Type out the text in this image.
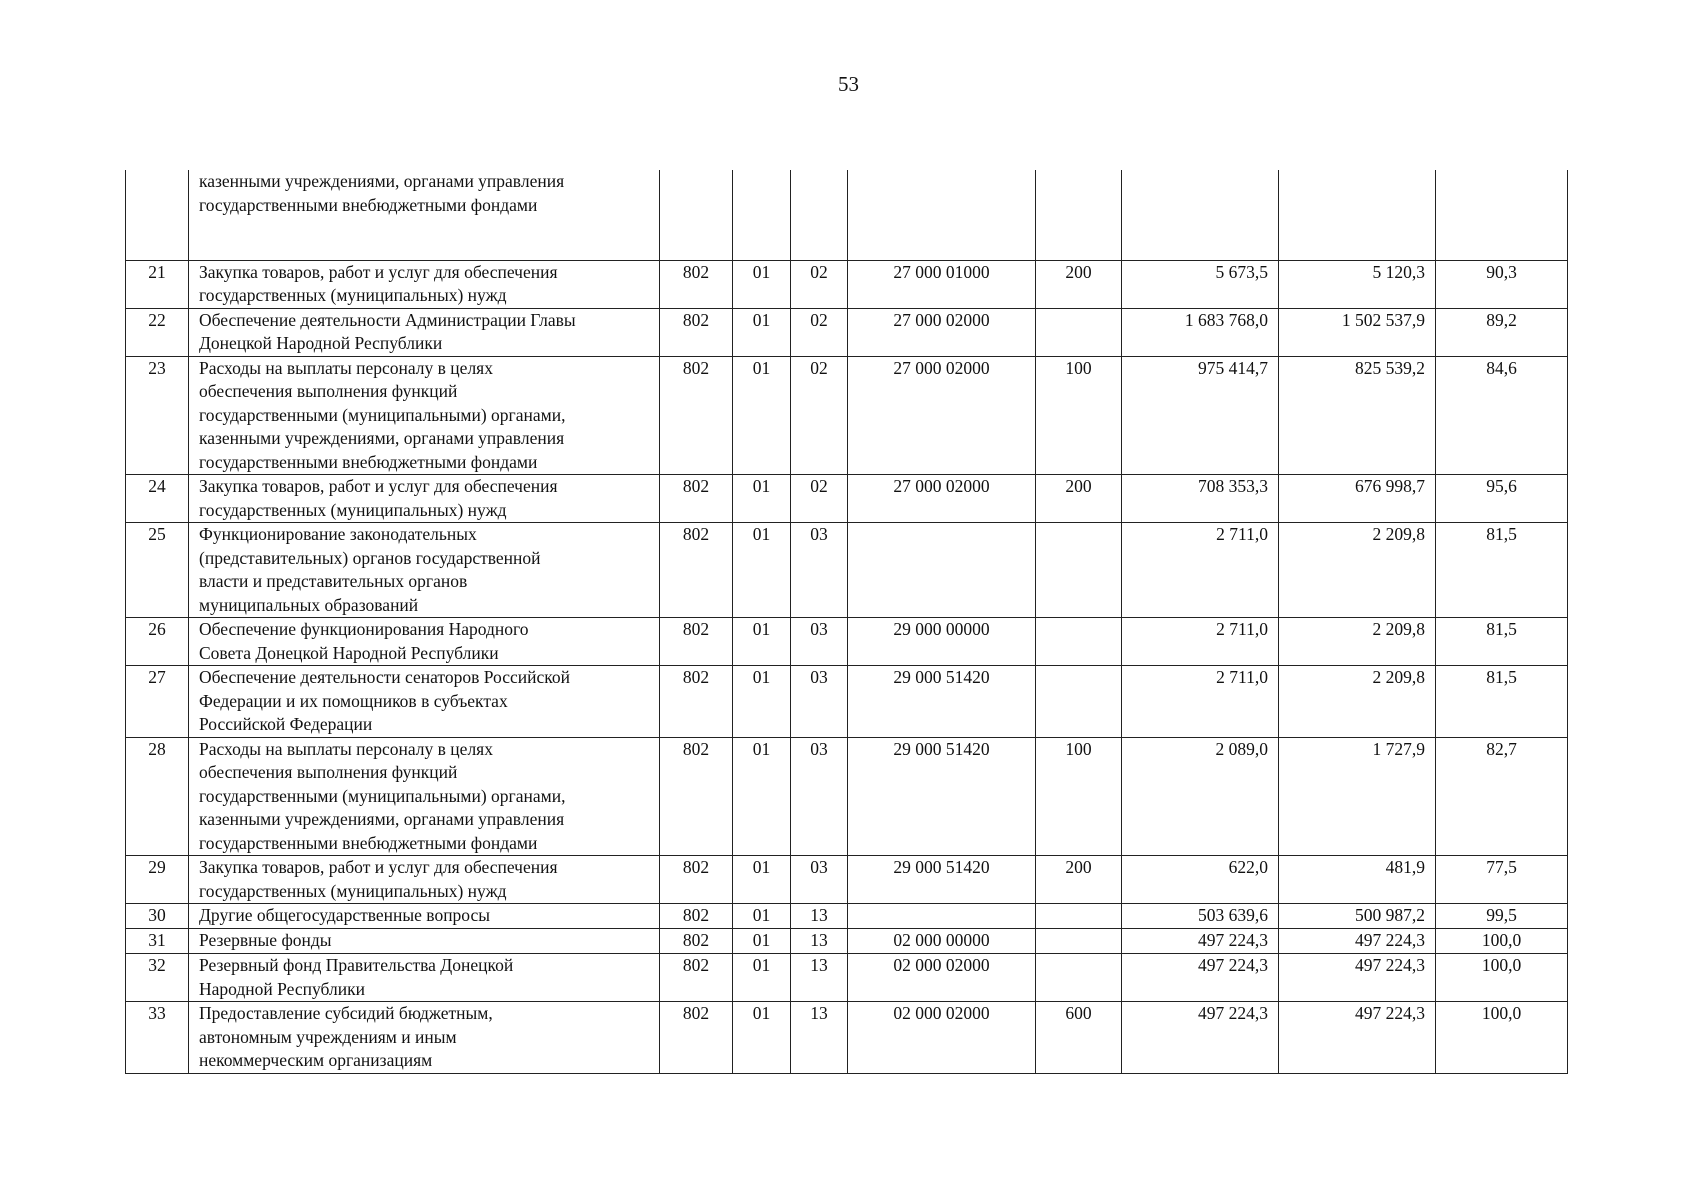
53

	казенными учреждениями, органами управления
государственными внебюджетными фондами								

21	Закупка товаров, работ и услуг для обеспечения
государственных (муниципальных) нужд	802	01	02	27 000 01000	200	5 673,5	5 120,3	90,3
22	Обеспечение деятельности Администрации Главы
Донецкой Народной Республики	802	01	02	27 000 02000		1 683 768,0	1 502 537,9	89,2
23	Расходы на выплаты персоналу в целях
обеспечения выполнения функций
государственными (муниципальными) органами,
казенными учреждениями, органами управления
государственными внебюджетными фондами	802	01	02	27 000 02000	100	975 414,7	825 539,2	84,6
24	Закупка товаров, работ и услуг для обеспечения
государственных (муниципальных) нужд	802	01	02	27 000 02000	200	708 353,3	676 998,7	95,6
25	Функционирование законодательных
(представительных) органов государственной
власти и представительных органов
муниципальных образований	802	01	03			2 711,0	2 209,8	81,5
26	Обеспечение функционирования Народного
Совета Донецкой Народной Республики	802	01	03	29 000 00000		2 711,0	2 209,8	81,5
27	Обеспечение деятельности сенаторов Российской
Федерации и их помощников в субъектах
Российской Федерации	802	01	03	29 000 51420		2 711,0	2 209,8	81,5
28	Расходы на выплаты персоналу в целях
обеспечения выполнения функций
государственными (муниципальными) органами,
казенными учреждениями, органами управления
государственными внебюджетными фондами	802	01	03	29 000 51420	100	2 089,0	1 727,9	82,7
29	Закупка товаров, работ и услуг для обеспечения
государственных (муниципальных) нужд	802	01	03	29 000 51420	200	622,0	481,9	77,5
30	Другие общегосударственные вопросы	802	01	13			503 639,6	500 987,2	99,5
31	Резервные фонды	802	01	13	02 000 00000		497 224,3	497 224,3	100,0
32	Резервный фонд Правительства Донецкой
Народной Республики	802	01	13	02 000 02000		497 224,3	497 224,3	100,0
33	Предоставление субсидий бюджетным,
автономным учреждениям и иным
некоммерческим организациям	802	01	13	02 000 02000	600	497 224,3	497 224,3	100,0
